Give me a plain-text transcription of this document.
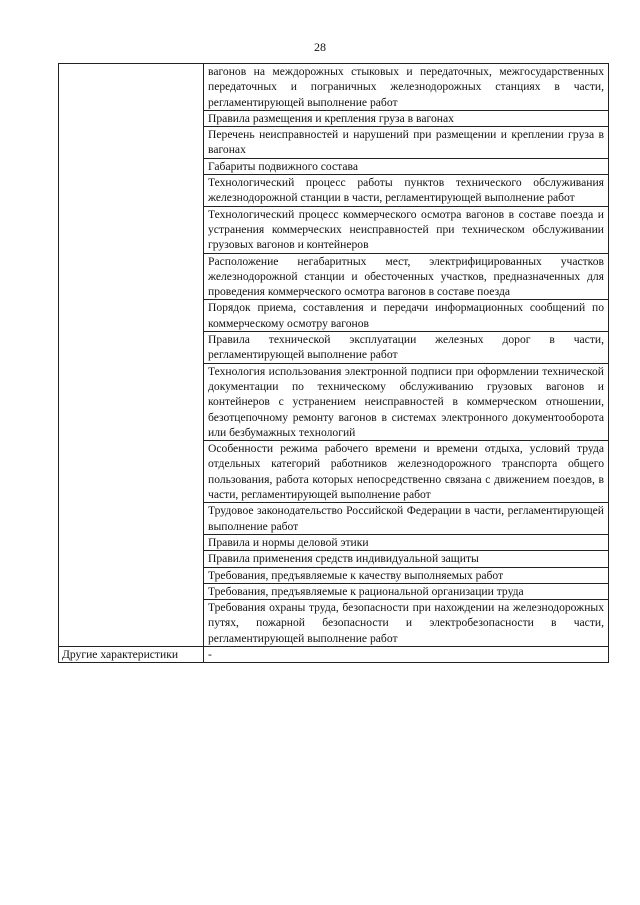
28
	вагонов на междорожных стыковых и передаточных, межгосударственных передаточных и пограничных железнодорожных станциях в части, регламентирующей выполнение работ
	Правила размещения и крепления груза в вагонах
	Перечень неисправностей и нарушений при размещении и креплении груза в вагонах
	Габариты подвижного состава
	Технологический процесс работы пунктов технического обслуживания железнодорожной станции в части, регламентирующей выполнение работ
	Технологический процесс коммерческого осмотра вагонов в составе поезда и устранения коммерческих неисправностей при техническом обслуживании грузовых вагонов и контейнеров
	Расположение негабаритных мест, электрифицированных участков железнодорожной станции и обесточенных участков, предназначенных для проведения коммерческого осмотра вагонов в составе поезда
	Порядок приема, составления и передачи информационных сообщений по коммерческому осмотру вагонов
	Правила технической эксплуатации железных дорог в части, регламентирующей выполнение работ
	Технология использования электронной подписи при оформлении технической документации по техническому обслуживанию грузовых вагонов и контейнеров с устранением неисправностей в коммерческом отношении, безотцепочному ремонту вагонов в системах электронного документооборота или безбумажных технологий
	Особенности режима рабочего времени и времени отдыха, условий труда отдельных категорий работников железнодорожного транспорта общего пользования, работа которых непосредственно связана с движением поездов, в части, регламентирующей выполнение работ
	Трудовое законодательство Российской Федерации в части, регламентирующей выполнение работ
	Правила и нормы деловой этики
	Правила применения средств индивидуальной защиты
	Требования, предъявляемые к качеству выполняемых работ
	Требования, предъявляемые к рациональной организации труда
	Требования охраны труда, безопасности при нахождении на железнодорожных путях, пожарной безопасности и электробезопасности в части, регламентирующей выполнение работ
Другие характеристики	-
